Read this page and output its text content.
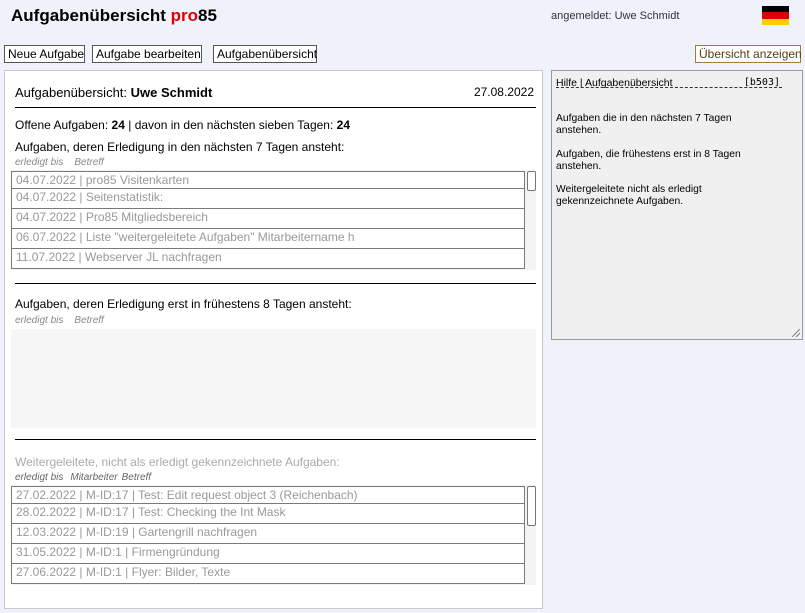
Aufgabenübersicht pro85	angemeldet: Uwe Schmidt
Neue Aufgabe Aufgabe bearbeiten	Aufgabenübersicht	Übersicht anzeigen
Aufgabenübersicht: Uwe Schmidt	27.08.2022
Offene Aufgaben: 24 | davon in den nächsten sieben Tagen: 24
Aufgaben, deren Erledigung in den nächsten 7 Tagen ansteht:
erledigt bis Betreff
04.07.2022 | pro85 Visitenkarten
04.07.2022 | Seitenstatistik:
04.07.2022 | Pro85 Mitgliedsbereich
06.07.2022 | Liste "weitergeleitete Aufgaben" Mitarbeitername h
11.07.2022 | Webserver JL nachfragen
Aufgaben, deren Erledigung erst in frühestens 8 Tagen ansteht:
erledigt bis Betreff
Weitergeleitete, nicht als erledigt gekennzeichnete Aufgaben:
erledigt bis Mitarbeiter Betreff
27.02.2022 | M-ID:17 | Test: Edit request object 3 (Reichenbach)
28.02.2022 | M-ID:17 | Test: Checking the Int Mask
12.03.2022 | M-ID:19 | Gartengrill nachfragen
31.05.2022 | M-ID:1 | Firmengründung
27.06.2022 | M-ID:1 | Flyer: Bilder, Texte
Hilfe | Aufgabenübersicht	[b503]

Aufgaben die in den nächsten 7 Tagen anstehen.

Aufgaben, die frühestens erst in 8 Tagen anstehen.

Weitergeleitete nicht als erledigt gekennzeichnete Aufgaben.
